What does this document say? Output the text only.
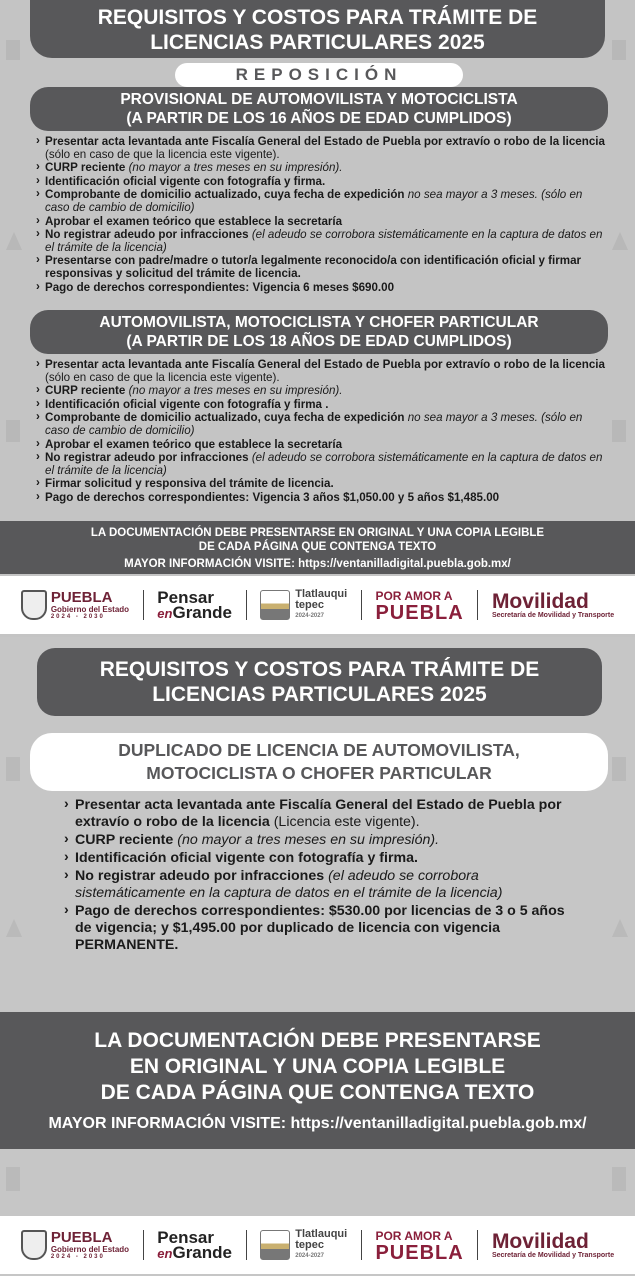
REQUISITOS Y COSTOS PARA TRÁMITE DE
LICENCIAS PARTICULARES 2025
REPOSICIÓN
PROVISIONAL DE AUTOMOVILISTA Y MOTOCICLISTA
(A PARTIR DE LOS 16 AÑOS DE EDAD CUMPLIDOS)
› Presentar acta levantada ante Fiscalía General del Estado de Puebla por extravío o robo de la licencia (sólo en caso de que la licencia este vigente).
› CURP reciente (no mayor a tres meses en su impresión).
› Identificación oficial vigente con fotografía y firma.
› Comprobante de domicilio actualizado, cuya fecha de expedición no sea mayor a 3 meses. (sólo en caso de cambio de domicilio)
› Aprobar el examen teórico que establece la secretaría
› No registrar adeudo por infracciones (el adeudo se corrobora sistemáticamente en la captura de datos en el trámite de la licencia)
› Presentarse con padre/madre o tutor/a legalmente reconocido/a con identificación oficial y firmar responsivas y solicitud del trámite de licencia.
› Pago de derechos correspondientes: Vigencia 6 meses $690.00
AUTOMOVILISTA, MOTOCICLISTA Y CHOFER PARTICULAR
(A PARTIR DE LOS 18 AÑOS DE EDAD CUMPLIDOS)
› Presentar acta levantada ante Fiscalía General del Estado de Puebla por extravío o robo de la licencia (sólo en caso de que la licencia este vigente).
› CURP reciente (no mayor a tres meses en su impresión).
› Identificación oficial vigente con fotografía y firma .
› Comprobante de domicilio actualizado, cuya fecha de expedición no sea mayor a 3 meses. (sólo en caso de cambio de domicilio)
› Aprobar el examen teórico que establece la secretaría
› No registrar adeudo por infracciones (el adeudo se corrobora sistemáticamente en la captura de datos en el trámite de la licencia)
› Firmar solicitud y responsiva del trámite de licencia.
› Pago de derechos correspondientes: Vigencia 3 años $1,050.00 y 5 años $1,485.00
LA DOCUMENTACIÓN DEBE PRESENTARSE EN ORIGINAL Y UNA COPIA LEGIBLE
DE CADA PÁGINA QUE CONTENGA TEXTO
MAYOR INFORMACIÓN VISITE: https://ventanilladigital.puebla.gob.mx/
PUEBLA
Gobierno del Estado
2024 - 2030
Pensar
enGrande
Tlatlauqui
tepec
2024-2027
POR AMOR A
PUEBLA Movilidad
Secretaría de Movilidad y Transporte
REQUISITOS Y COSTOS PARA TRÁMITE DE
LICENCIAS PARTICULARES 2025
DUPLICADO DE LICENCIA DE AUTOMOVILISTA,
MOTOCICLISTA O CHOFER PARTICULAR
› Presentar acta levantada ante Fiscalía General del Estado de Puebla por extravío o robo de la licencia (Licencia este vigente).
› CURP reciente (no mayor a tres meses en su impresión).
› Identificación oficial vigente con fotografía y firma.
› No registrar adeudo por infracciones (el adeudo se corrobora sistemáticamente en la captura de datos en el trámite de la licencia)
› Pago de derechos correspondientes: $530.00 por licencias de 3 o 5 años de vigencia; y $1,495.00 por duplicado de licencia con vigencia PERMANENTE.
LA DOCUMENTACIÓN DEBE PRESENTARSE
EN ORIGINAL Y UNA COPIA LEGIBLE
DE CADA PÁGINA QUE CONTENGA TEXTO
MAYOR INFORMACIÓN VISITE: https://ventanilladigital.puebla.gob.mx/
PUEBLA
Gobierno del Estado
2024 - 2030
Pensar
enGrande
Tlatlauqui
tepec
2024-2027
POR AMOR A
PUEBLA Movilidad
Secretaría de Movilidad y Transporte
